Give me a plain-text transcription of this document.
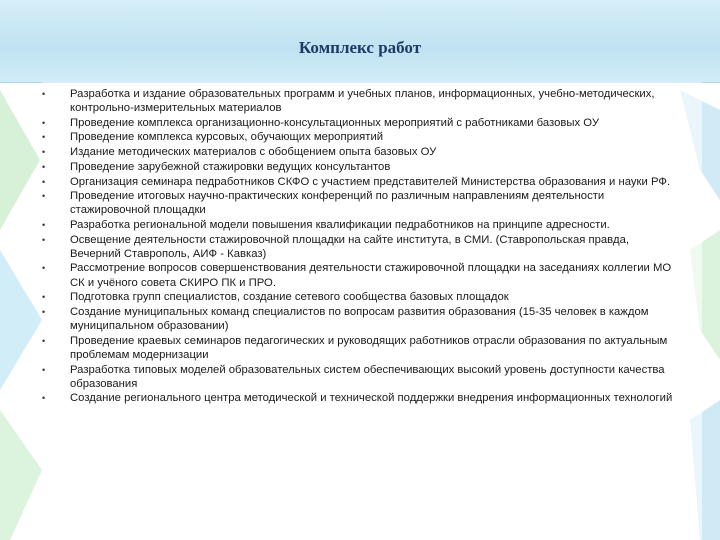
Комплекс работ
• Разработка и издание образовательных программ и учебных планов, информационных, учебно-методических, контрольно-измерительных материалов
• Проведение комплекса организационно-консультационных мероприятий с работниками базовых ОУ
• Проведение комплекса курсовых, обучающих мероприятий
• Издание методических материалов с обобщением опыта базовых ОУ
• Проведение зарубежной стажировки ведущих консультантов
• Организация семинара педработников СКФО с участием представителей Министерства образования и науки РФ.
• Проведение итоговых научно-практических конференций по различным направлениям деятельности стажировочной площадки
• Разработка региональной модели повышения квалификации педработников на принципе адресности.
• Освещение деятельности стажировочной площадки на сайте института, в СМИ. (Ставропольская правда, Вечерний Ставрополь, АИФ - Кавказ)
• Рассмотрение вопросов совершенствования деятельности стажировочной площадки на заседаниях коллегии МО СК и учёного совета СКИРО ПК и ПРО.
• Подготовка групп специалистов, создание сетевого сообщества базовых площадок
• Создание муниципальных команд специалистов по вопросам развития образования (15-35 человек в каждом муниципальном образовании)
• Проведение краевых семинаров педагогических и руководящих работников отрасли образования по актуальным проблемам модернизации
• Разработка типовых моделей образовательных систем обеспечивающих высокий уровень доступности качества образования
• Создание регионального центра методической и технической поддержки внедрения информационных технологий
